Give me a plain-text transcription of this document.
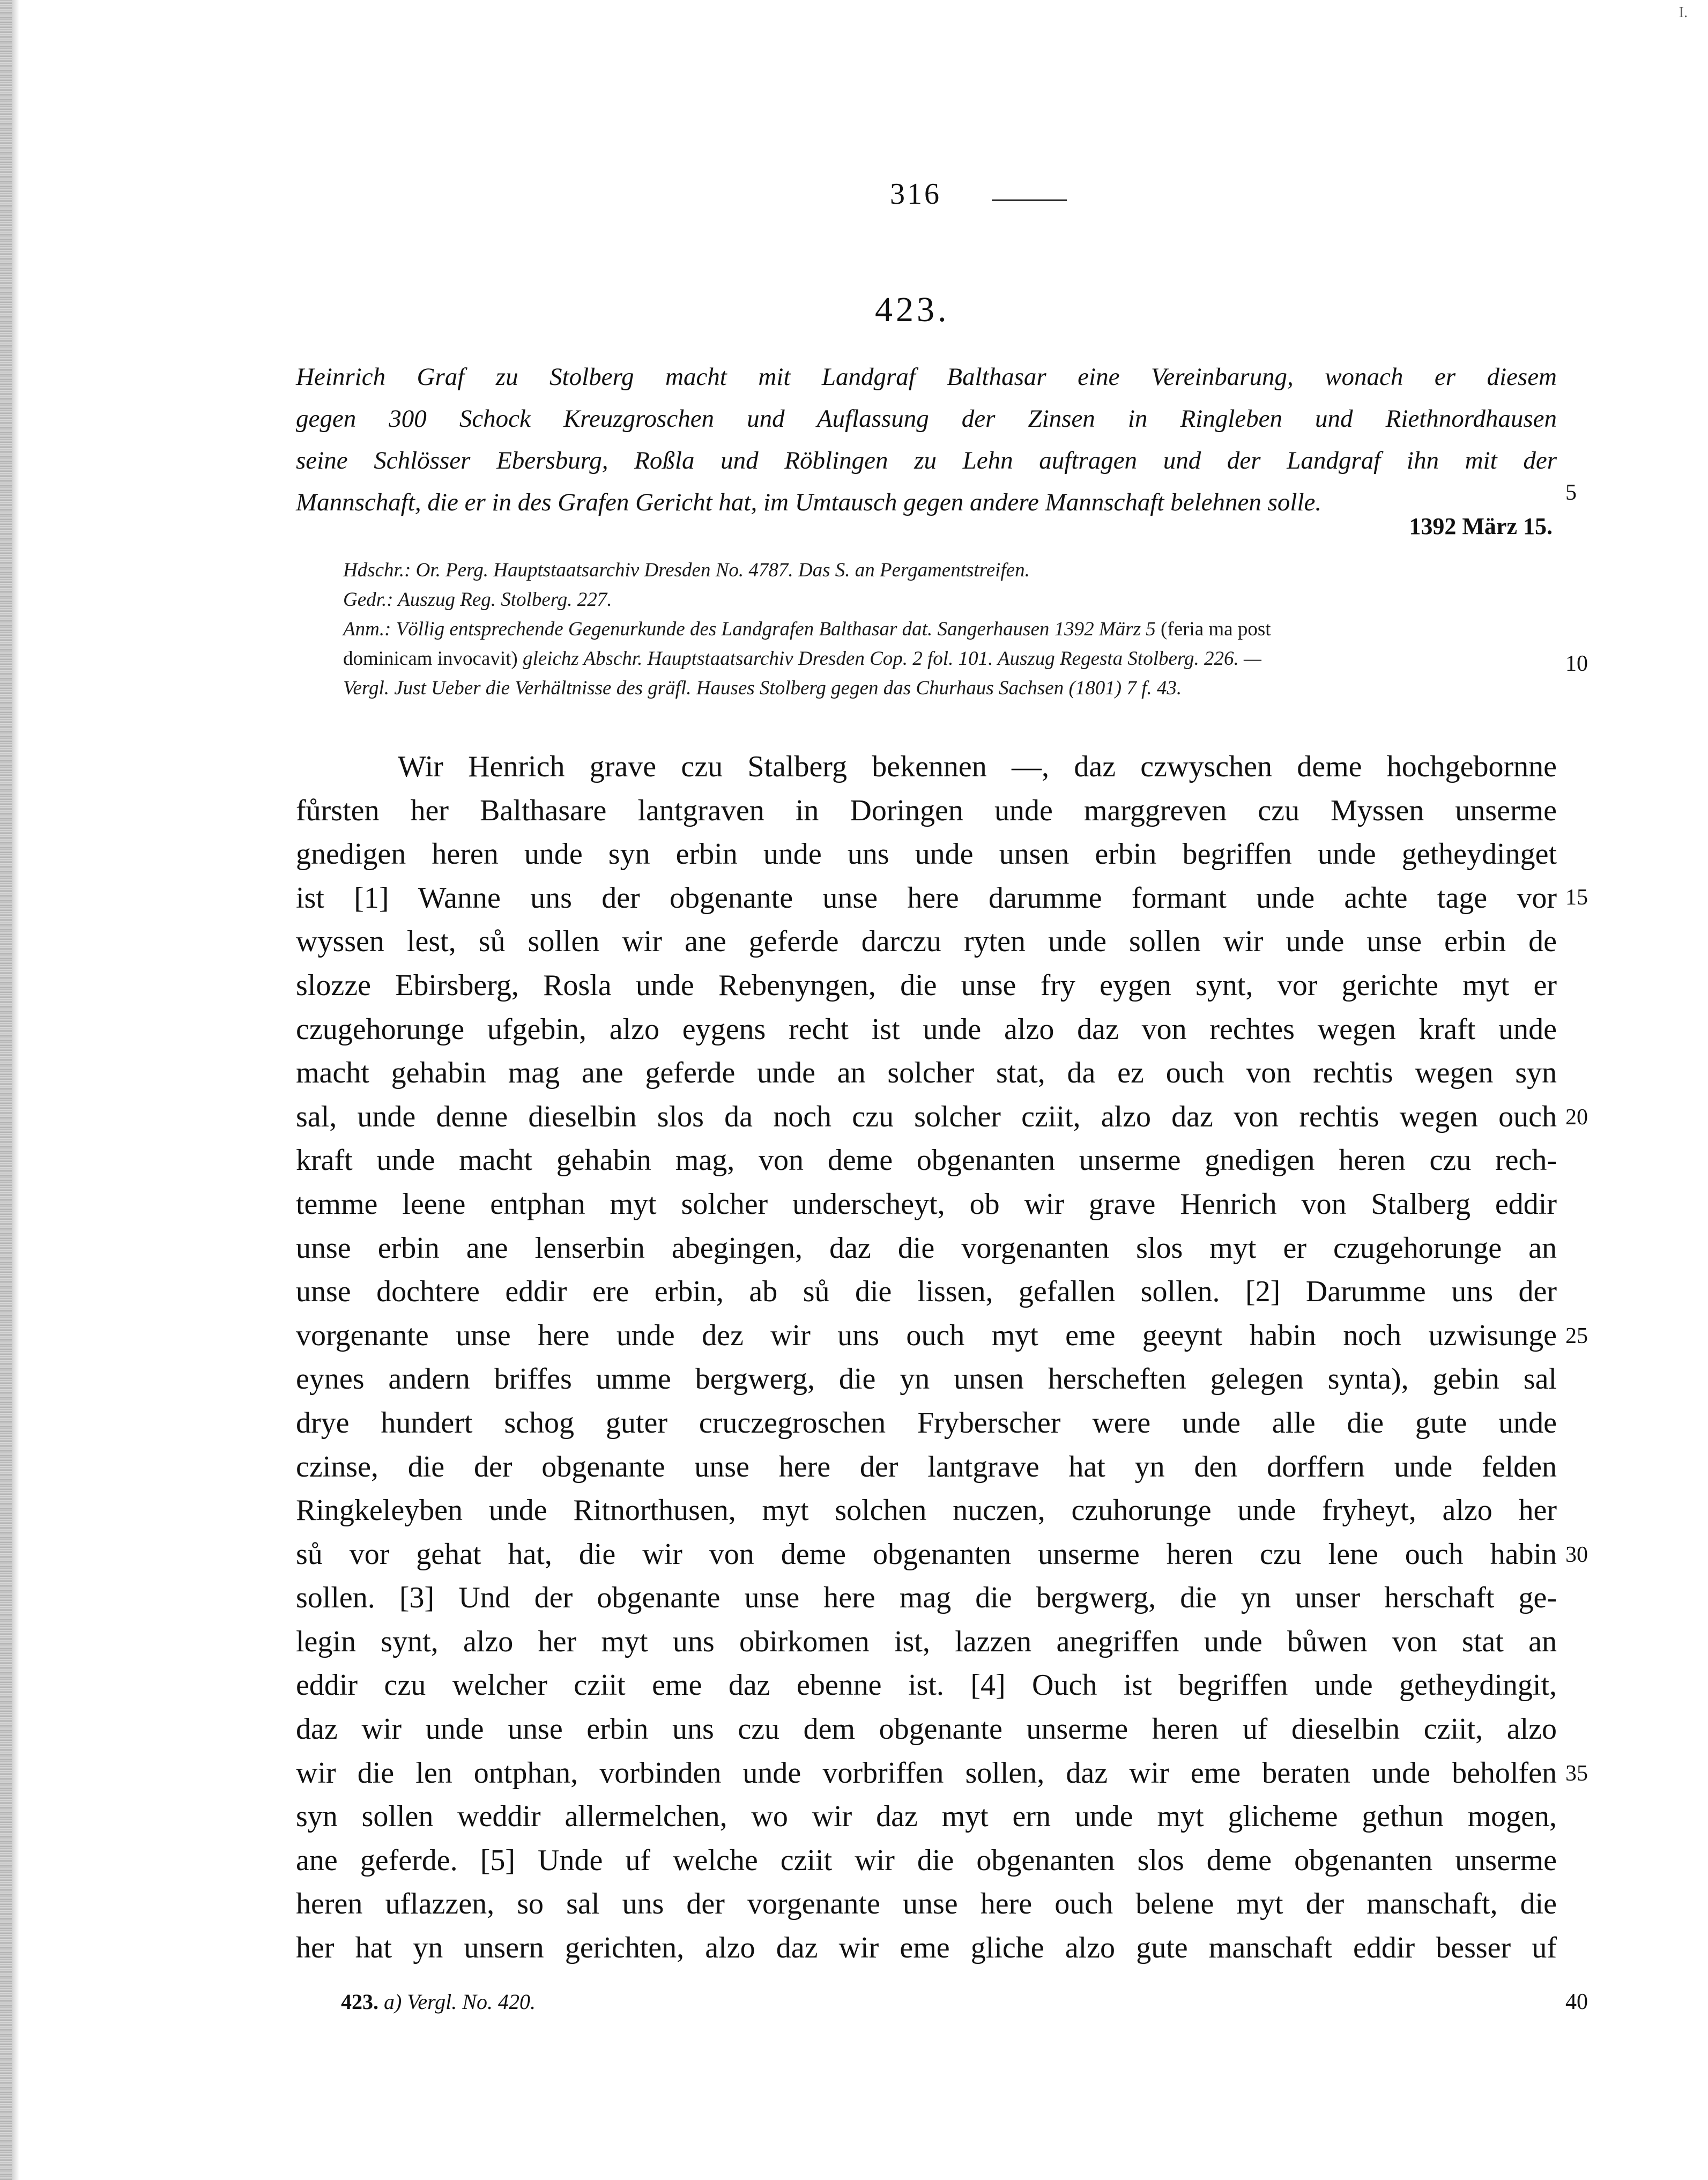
I.
316
423.
Heinrich Graf zu Stolberg macht mit Landgraf Balthasar eine Vereinbarung, wonach er diesem
gegen 300 Schock Kreuzgroschen und Auflassung der Zinsen in Ringleben und Riethnordhausen
seine Schlösser Ebersburg, Roßla und Röblingen zu Lehn auftragen und der Landgraf ihn mit der
Mannschaft, die er in des Grafen Gericht hat, im Umtausch gegen andere Mannschaft belehnen solle.
1392 März 15.
Hdschr.: Or. Perg. Hauptstaatsarchiv Dresden No. 4787. Das S. an Pergamentstreifen.
Gedr.: Auszug Reg. Stolberg. 227.
Anm.: Völlig entsprechende Gegenurkunde des Landgrafen Balthasar dat. Sangerhausen 1392 März 5 (feria ma post
dominicam invocavit) gleichz Abschr. Hauptstaatsarchiv Dresden Cop. 2 fol. 101. Auszug Regesta Stolberg. 226. —
Vergl. Just Ueber die Verhältnisse des gräfl. Hauses Stolberg gegen das Churhaus Sachsen (1801) 7 f. 43.
Wir Henrich grave czu Stalberg bekennen —, daz czwyschen deme hochgebornne
fůrsten her Balthasare lantgraven in Doringen unde marggreven czu Myssen unserme
gnedigen heren unde syn erbin unde uns unde unsen erbin begriffen unde getheydinget
ist [1] Wanne uns der obgenante unse here darumme formant unde achte tage vor
wyssen lest, sů sollen wir ane geferde darczu ryten unde sollen wir unde unse erbin de
slozze Ebirsberg, Rosla unde Rebenyngen, die unse fry eygen synt, vor gerichte myt er
czugehorunge ufgebin, alzo eygens recht ist unde alzo daz von rechtes wegen kraft unde
macht gehabin mag ane geferde unde an solcher stat, da ez ouch von rechtis wegen syn
sal, unde denne dieselbin slos da noch czu solcher cziit, alzo daz von rechtis wegen ouch
kraft unde macht gehabin mag, von deme obgenanten unserme gnedigen heren czu rech-
temme leene entphan myt solcher underscheyt, ob wir grave Henrich von Stalberg eddir
unse erbin ane lenserbin abegingen, daz die vorgenanten slos myt er czugehorunge an
unse dochtere eddir ere erbin, ab sů die lissen, gefallen sollen. [2] Darumme uns der
vorgenante unse here unde dez wir uns ouch myt eme geeynt habin noch uzwisunge
eynes andern briffes umme bergwerg, die yn unsen herscheften gelegen synta), gebin sal
drye hundert schog guter cruczegroschen Fryberscher were unde alle die gute unde
czinse, die der obgenante unse here der lantgrave hat yn den dorffern unde felden
Ringkeleyben unde Ritnorthusen, myt solchen nuczen, czuhorunge unde fryheyt, alzo her
sů vor gehat hat, die wir von deme obgenanten unserme heren czu lene ouch habin
sollen. [3] Und der obgenante unse here mag die bergwerg, die yn unser herschaft ge-
legin synt, alzo her myt uns obirkomen ist, lazzen anegriffen unde bůwen von stat an
eddir czu welcher cziit eme daz ebenne ist. [4] Ouch ist begriffen unde getheydingit,
daz wir unde unse erbin uns czu dem obgenante unserme heren uf dieselbin cziit, alzo
wir die len ontphan, vorbinden unde vorbriffen sollen, daz wir eme beraten unde beholfen
syn sollen weddir allermelchen, wo wir daz myt ern unde myt glicheme gethun mogen,
ane geferde. [5] Unde uf welche cziit wir die obgenanten slos deme obgenanten unserme
heren uflazzen, so sal uns der vorgenante unse here ouch belene myt der manschaft, die
her hat yn unsern gerichten, alzo daz wir eme gliche alzo gute manschaft eddir besser uf
5
10
15
20
25
30
35
423. a) Vergl. No. 420.	40
